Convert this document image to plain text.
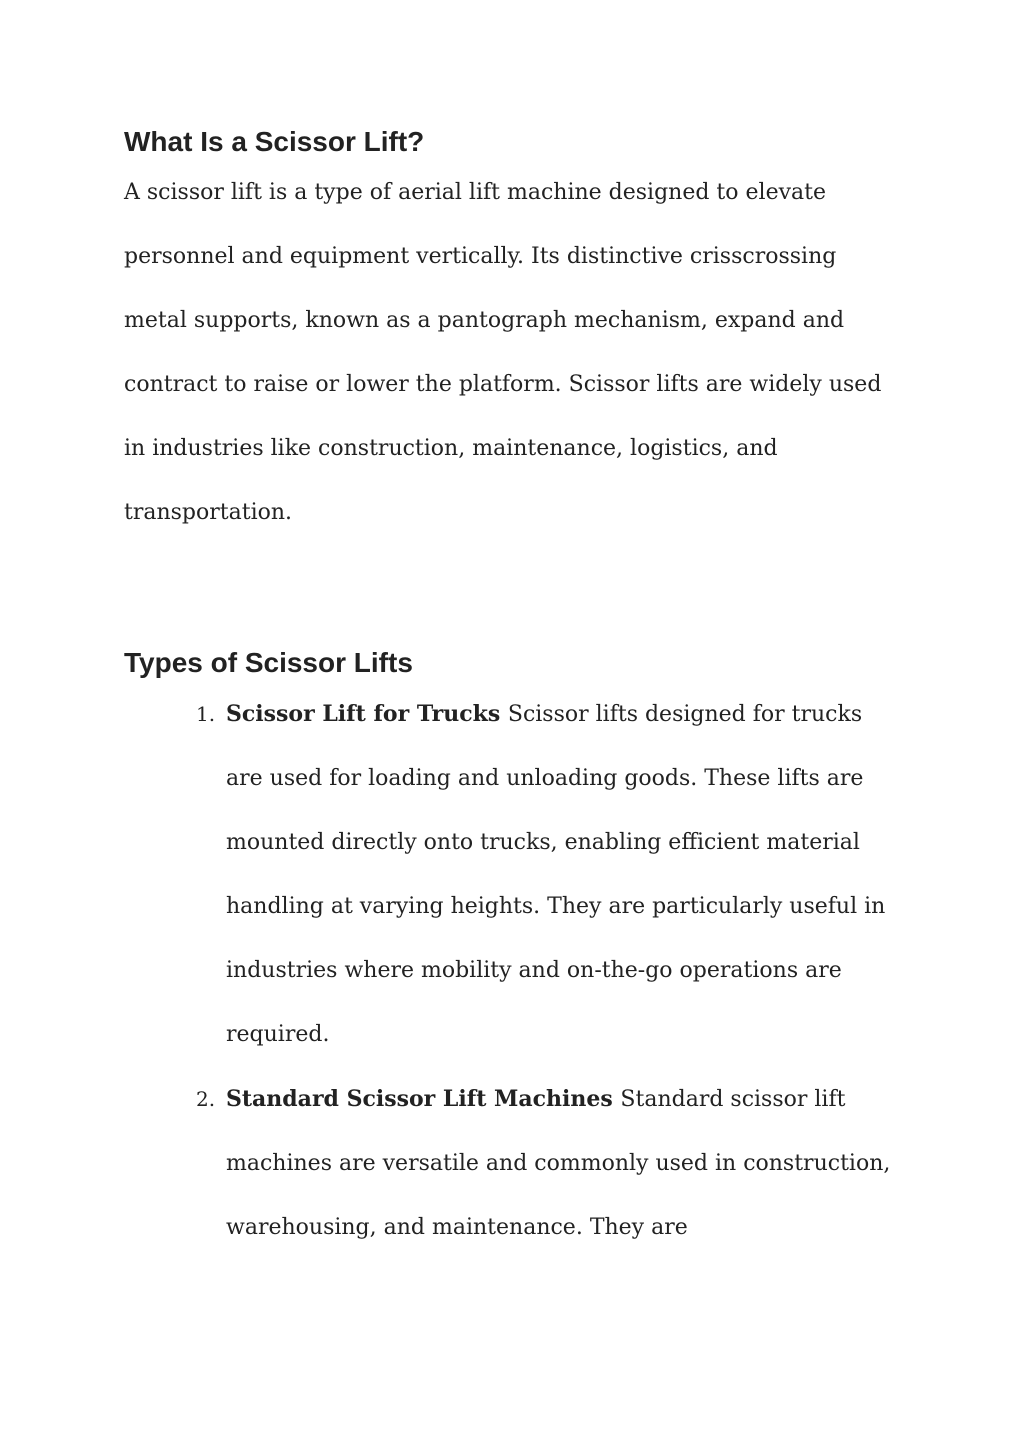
What Is a Scissor Lift?

A scissor lift is a type of aerial lift machine designed to elevate personnel and equipment vertically. Its distinctive crisscrossing metal supports, known as a pantograph mechanism, expand and contract to raise or lower the platform. Scissor lifts are widely used in industries like construction, maintenance, logistics, and transportation.

Types of Scissor Lifts
1. Scissor Lift for Trucks Scissor lifts designed for trucks are used for loading and unloading goods. These lifts are mounted directly onto trucks, enabling efficient material handling at varying heights. They are particularly useful in industries where mobility and on-the-go operations are required.
2. Standard Scissor Lift Machines Standard scissor lift machines are versatile and commonly used in construction, warehousing, and maintenance. They are
